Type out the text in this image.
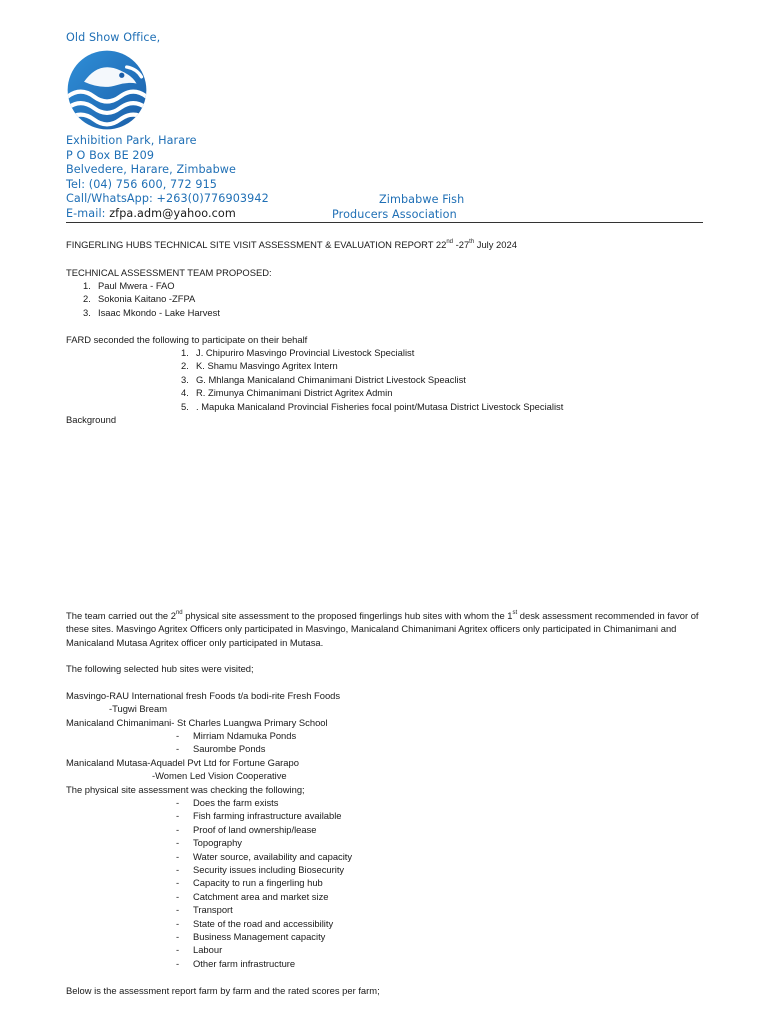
Old Show Office,
Exhibition Park, Harare
P O Box BE 209
Belvedere, Harare, Zimbabwe
Tel: (04) 756 600, 772 915
Call/WhatsApp: +263(0)776903942
E-mail: zfpa.adm@yahoo.com
Zimbabwe Fish
Producers Association
FINGERLING HUBS TECHNICAL SITE VISIT ASSESSMENT & EVALUATION REPORT 22nd -27th July 2024
TECHNICAL ASSESSMENT TEAM PROPOSED:
1. Paul Mwera - FAO
2. Sokonia Kaitano -ZFPA
3. Isaac Mkondo - Lake Harvest
FARD seconded the following to participate on their behalf
1. J. Chipuriro Masvingo Provincial Livestock Specialist
2. K. Shamu Masvingo Agritex Intern
3. G. Mhlanga Manicaland Chimanimani District Livestock Speaclist
4. R. Zimunya Chimanimani District Agritex Admin
5. . Mapuka Manicaland Provincial Fisheries focal point/Mutasa District Livestock Specialist
Background
The team carried out the 2nd physical site assessment to the proposed fingerlings hub sites with whom the 1st desk assessment recommended in favor of these sites. Masvingo Agritex Officers only participated in Masvingo, Manicaland Chimanimani Agritex officers only participated in Chimanimani and Manicaland Mutasa Agritex officer only participated in Mutasa.
The following selected hub sites were visited;
Masvingo-RAU International fresh Foods t/a bodi-rite Fresh Foods
-Tugwi Bream
Manicaland Chimanimani- St Charles Luangwa Primary School
- Mirriam Ndamuka Ponds
- Saurombe Ponds
Manicaland Mutasa-Aquadel Pvt Ltd for Fortune Garapo
-Women Led Vision Cooperative
The physical site assessment was checking the following;
- Does the farm exists
- Fish farming infrastructure available
- Proof of land ownership/lease
- Topography
- Water source, availability and capacity
- Security issues including Biosecurity
- Capacity to run a fingerling hub
- Catchment area and market size
- Transport
- State of the road and accessibility
- Business Management capacity
- Labour
- Other farm infrastructure
Below is the assessment report farm by farm and the rated scores per farm;
